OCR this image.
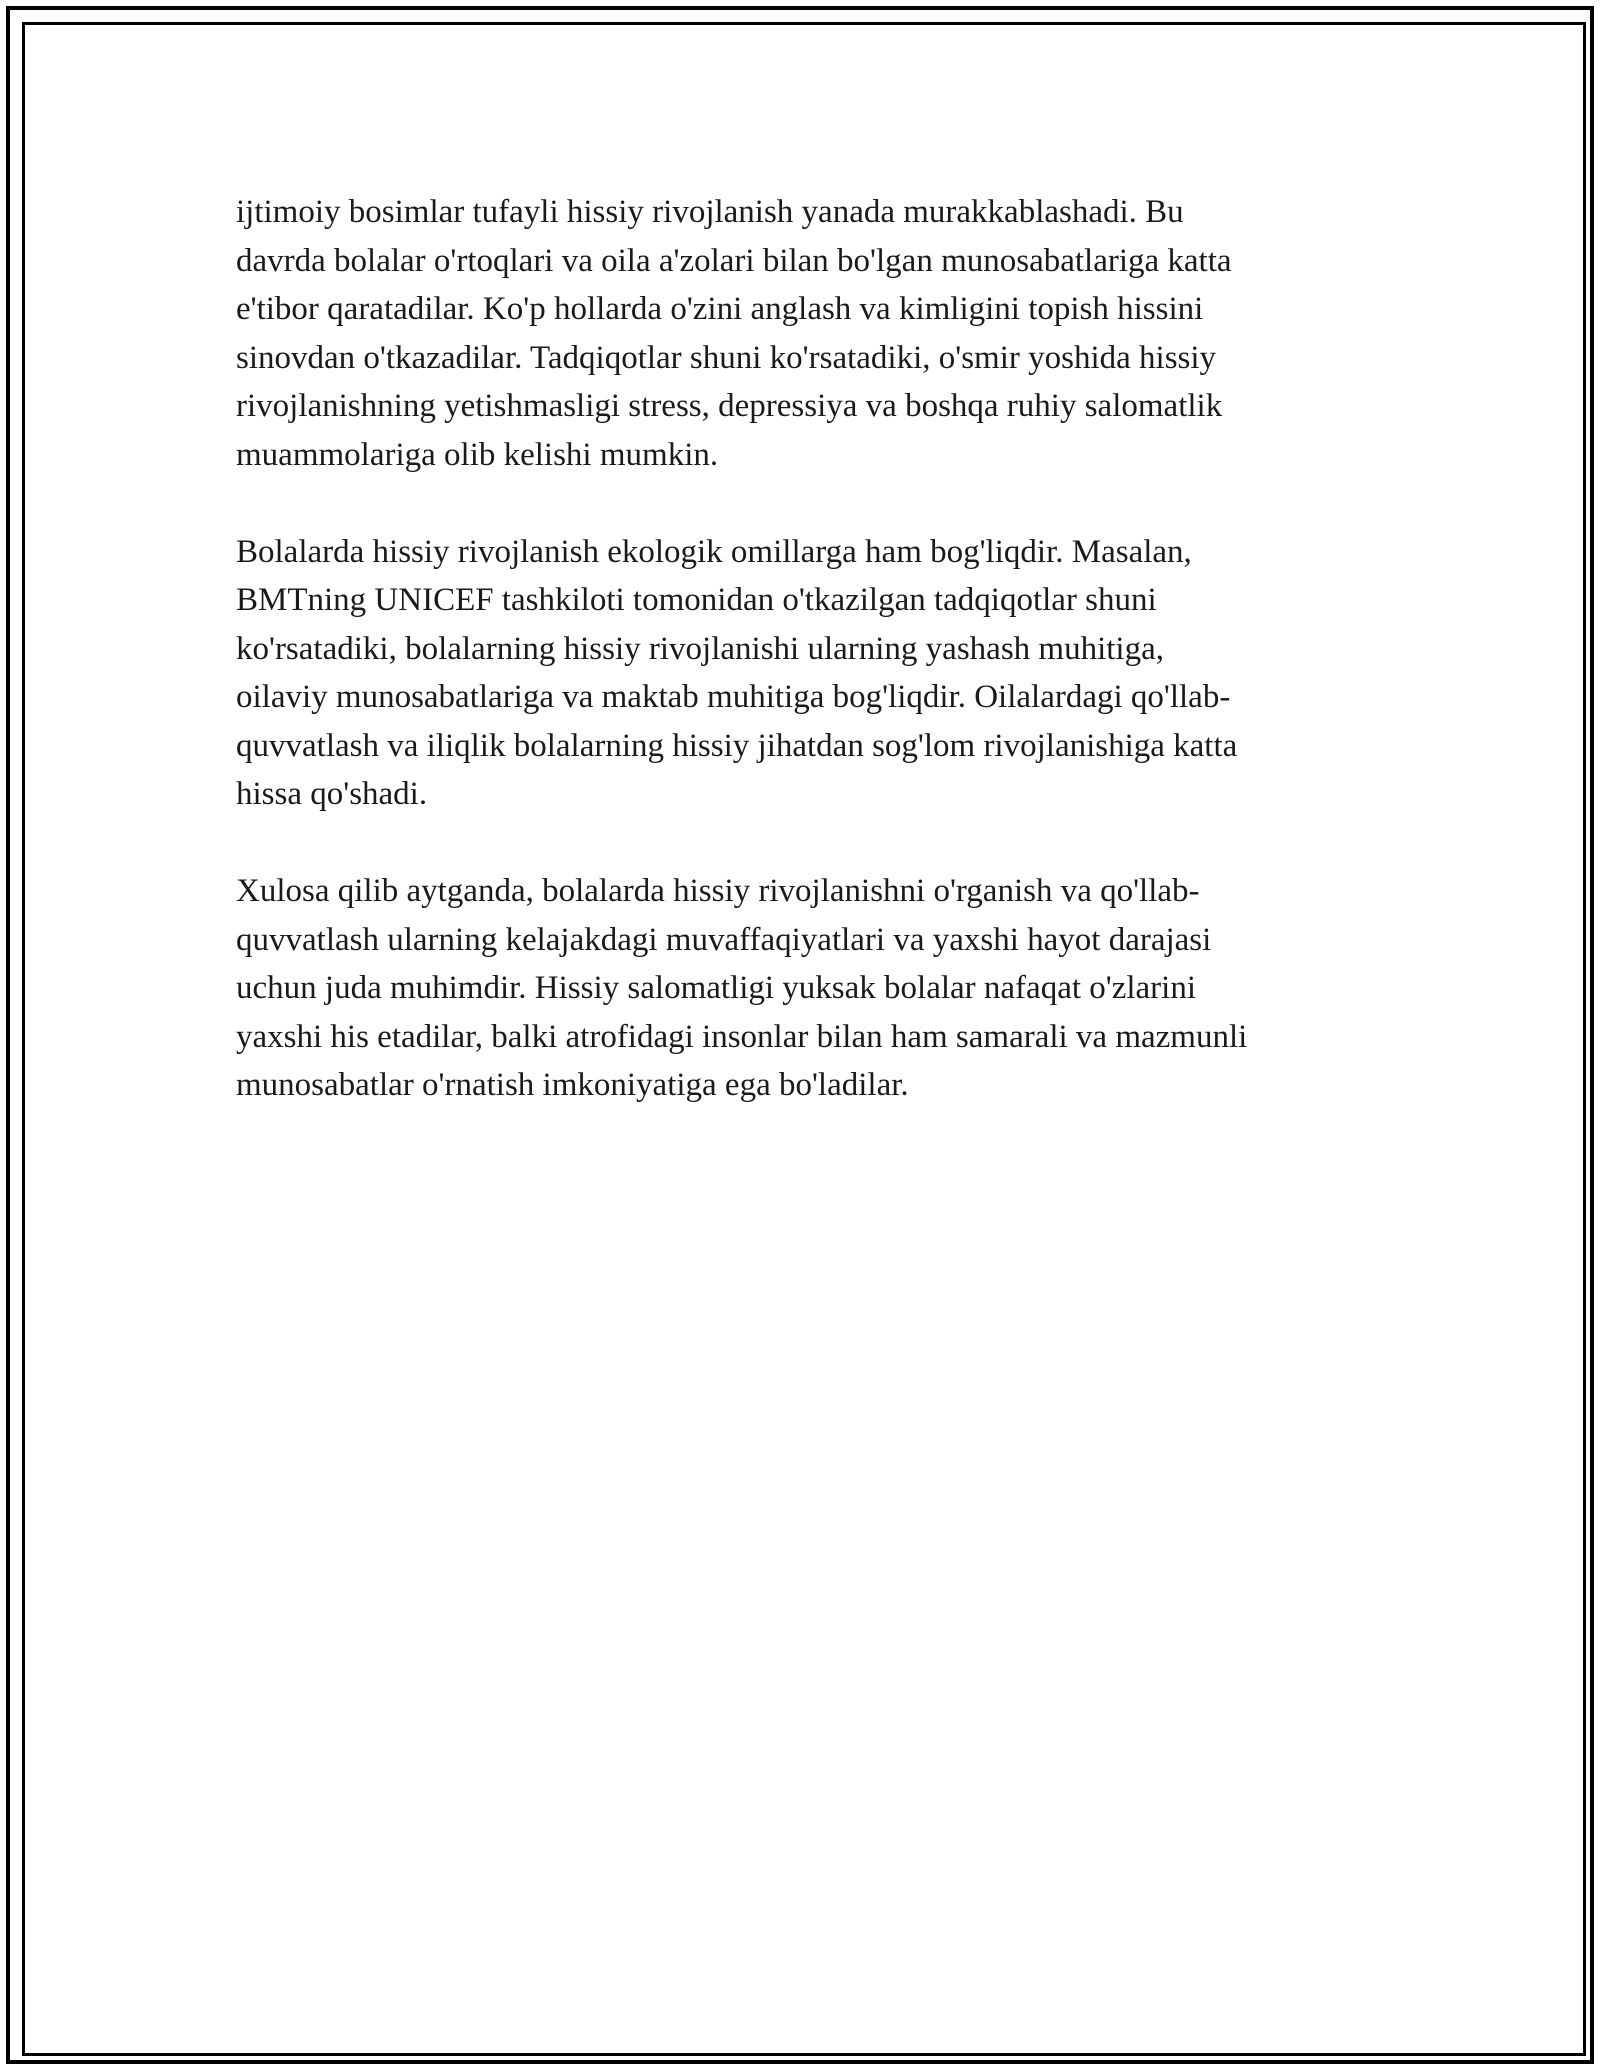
ijtimoiy bosimlar tufayli hissiy rivojlanish yanada murakkablashadi. Bu
davrda bolalar o'rtoqlari va oila a'zolari bilan bo'lgan munosabatlariga katta
e'tibor qaratadilar. Ko'p hollarda o'zini anglash va kimligini topish hissini
sinovdan o'tkazadilar. Tadqiqotlar shuni ko'rsatadiki, o'smir yoshida hissiy
rivojlanishning yetishmasligi stress, depressiya va boshqa ruhiy salomatlik
muammolariga olib kelishi mumkin.

Bolalarda hissiy rivojlanish ekologik omillarga ham bog'liqdir. Masalan,
BMTning UNICEF tashkiloti tomonidan o'tkazilgan tadqiqotlar shuni
ko'rsatadiki, bolalarning hissiy rivojlanishi ularning yashash muhitiga,
oilaviy munosabatlariga va maktab muhitiga bog'liqdir. Oilalardagi qo'llab-
quvvatlash va iliqlik bolalarning hissiy jihatdan sog'lom rivojlanishiga katta
hissa qo'shadi.

Xulosa qilib aytganda, bolalarda hissiy rivojlanishni o'rganish va qo'llab-
quvvatlash ularning kelajakdagi muvaffaqiyatlari va yaxshi hayot darajasi
uchun juda muhimdir. Hissiy salomatligi yuksak bolalar nafaqat o'zlarini
yaxshi his etadilar, balki atrofidagi insonlar bilan ham samarali va mazmunli
munosabatlar o'rnatish imkoniyatiga ega bo'ladilar.
